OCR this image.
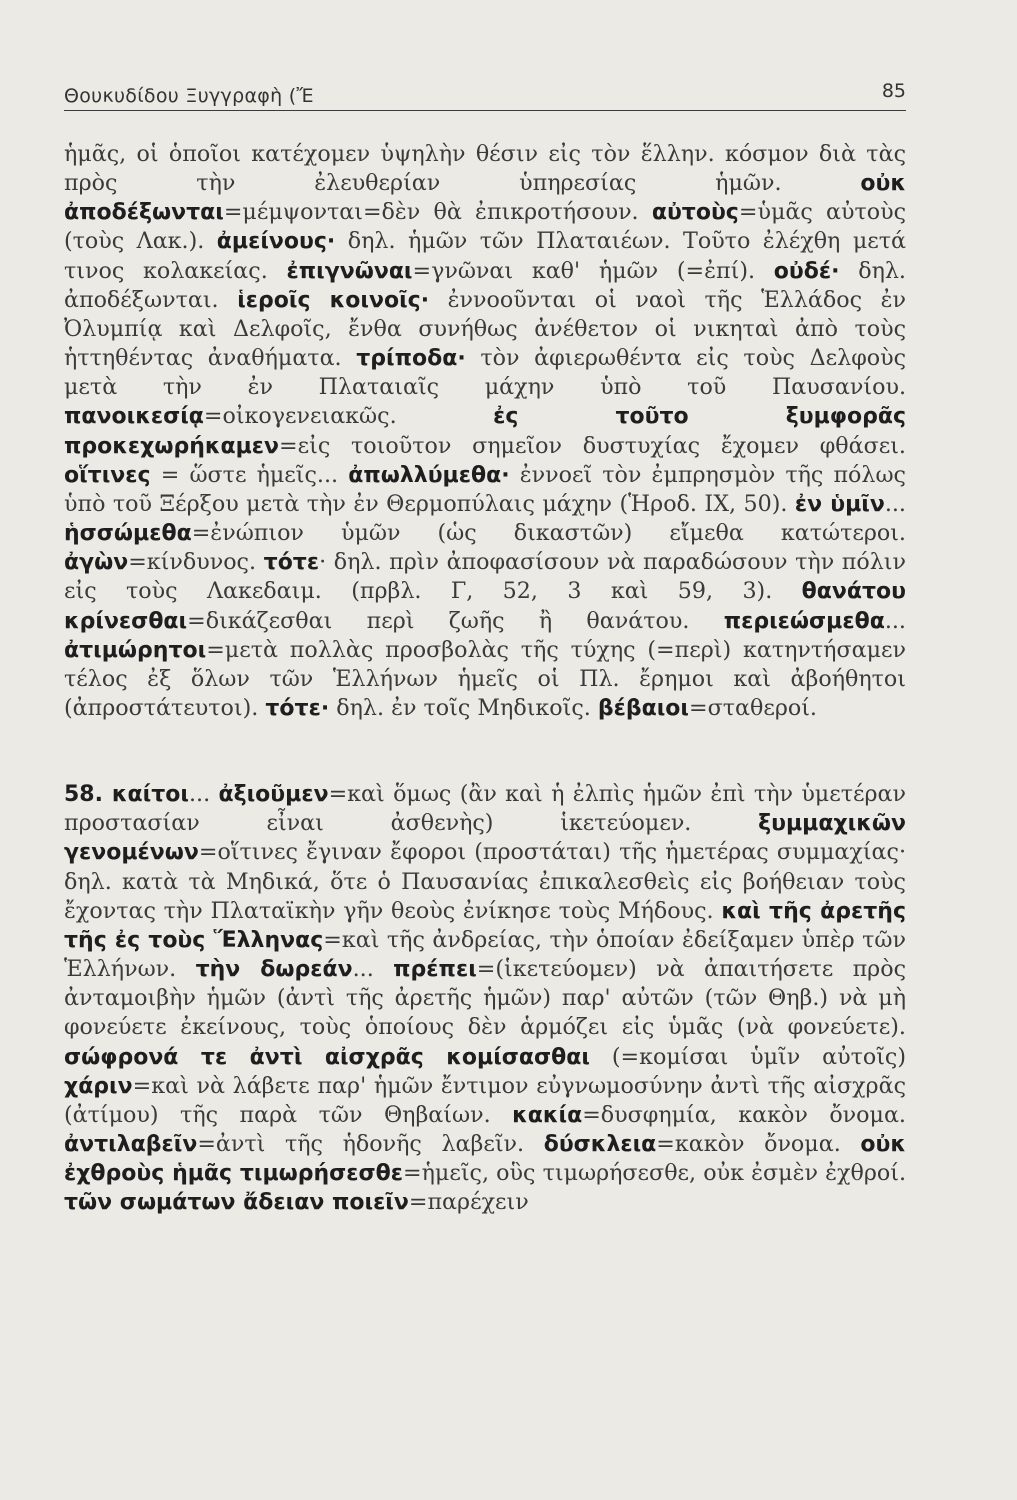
Θουκυδίδου Ξυγγραφὴ (Ἔ	85

ἡμᾶς, οἱ ὁποῖοι κατέχομεν ὑψηλὴν θέσιν εἰς τὸν ἕλλην. κόσμον διὰ τὰς πρὸς τὴν ἐλευθερίαν ὑπηρεσίας ἡμῶν. οὐκ ἀποδέξωνται=μέμψονται=δὲν θὰ ἐπικροτήσουν. αὐτοὺς=ὑμᾶς αὐτοὺς (τοὺς Λακ.). ἀμείνους· δηλ. ἡμῶν τῶν Πλαταιέων. Τοῦτο ἐλέχθη μετά τινος κολακείας. ἐπιγνῶναι=γνῶναι καθ' ἡμῶν (=ἐπί). οὐδέ· δηλ. ἀποδέξωνται. ἱεροῖς κοινοῖς· ἐννοοῦνται οἱ ναοὶ τῆς Ἑλλάδος ἐν Ὀλυμπίᾳ καὶ Δελφοῖς, ἔνθα συνήθως ἀνέθετον οἱ νικηταὶ ἀπὸ τοὺς ἡττηθέντας ἀναθήματα. τρίποδα· τὸν ἀφιερωθέντα εἰς τοὺς Δελφοὺς μετὰ τὴν ἐν Πλαταιαῖς μάχην ὑπὸ τοῦ Παυσανίου. πανοικεσίᾳ=οἰκογενειακῶς. ἐς τοῦτο ξυμφορᾶς προκεχωρήκαμεν=εἰς τοιοῦτον σημεῖον δυστυχίας ἔχομεν φθάσει. οἵτινες = ὥστε ἡμεῖς... ἀπωλλύμεθα· ἐννοεῖ τὸν ἐμπρησμὸν τῆς πόλως ὑπὸ τοῦ Ξέρξου μετὰ τὴν ἐν Θερμοπύλαις μάχην (Ἡροδ. IX, 50). ἐν ὑμῖν... ἡσσώμεθα=ἐνώπιον ὑμῶν (ὡς δικαστῶν) εἴμεθα κατώτεροι. ἀγὼν=κίνδυνος. τότε· δηλ. πρὶν ἀποφασίσουν νὰ παραδώσουν τὴν πόλιν εἰς τοὺς Λακεδαιμ. (πρβλ. Γ, 52, 3 καὶ 59, 3). θανάτου κρίνεσθαι=δικάζεσθαι περὶ ζωῆς ἢ θανάτου. περιεώσμεθα... ἀτιμώρητοι=μετὰ πολλὰς προσβολὰς τῆς τύχης (=περὶ) κατηντήσαμεν τέλος ἐξ ὅλων τῶν Ἑλλήνων ἡμεῖς οἱ Πλ. ἔρημοι καὶ ἀβοήθητοι (ἀπροστάτευτοι). τότε· δηλ. ἐν τοῖς Μηδικοῖς. βέβαιοι=σταθεροί.

58. καίτοι... ἀξιοῦμεν=καὶ ὅμως (ἂν καὶ ἡ ἐλπὶς ἡμῶν ἐπὶ τὴν ὑμετέραν προστασίαν εἶναι ἀσθενὴς) ἱκετεύομεν. ξυμμαχικῶν γενομένων=οἵτινες ἔγιναν ἔφοροι (προστάται) τῆς ἡμετέρας συμμαχίας· δηλ. κατὰ τὰ Μηδικά, ὅτε ὁ Παυσανίας ἐπικαλεσθεὶς εἰς βοήθειαν τοὺς ἔχοντας τὴν Πλαταϊκὴν γῆν θεοὺς ἐνίκησε τοὺς Μήδους. καὶ τῆς ἀρετῆς τῆς ἐς τοὺς Ἕλληνας=καὶ τῆς ἀνδρείας, τὴν ὁποίαν ἐδείξαμεν ὑπὲρ τῶν Ἑλλήνων. τὴν δωρεάν... πρέπει=(ἱκετεύομεν) νὰ ἀπαιτήσετε πρὸς ἀνταμοιβὴν ἡμῶν (ἀντὶ τῆς ἀρετῆς ἡμῶν) παρ' αὐτῶν (τῶν Θηβ.) νὰ μὴ φονεύετε ἐκείνους, τοὺς ὁποίους δὲν ἁρμόζει εἰς ὑμᾶς (νὰ φονεύετε). σώφρονά τε ἀντὶ αἰσχρᾶς κομίσασθαι (=κομίσαι ὑμῖν αὐτοῖς) χάριν=καὶ νὰ λάβετε παρ' ἡμῶν ἔντιμον εὐγνωμοσύνην ἀντὶ τῆς αἰσχρᾶς (ἀτίμου) τῆς παρὰ τῶν Θηβαίων. κακία=δυσφημία, κακὸν ὄνομα. ἀντιλαβεῖν=ἀντὶ τῆς ἡδονῆς λαβεῖν. δύσκλεια=κακὸν ὄνομα. οὐκ ἐχθροὺς ἡμᾶς τιμωρήσεσθε=ἡμεῖς, οὓς τιμωρήσεσθε, οὐκ ἐσμὲν ἐχθροί. τῶν σωμάτων ἄδειαν ποιεῖν=παρέχειν
